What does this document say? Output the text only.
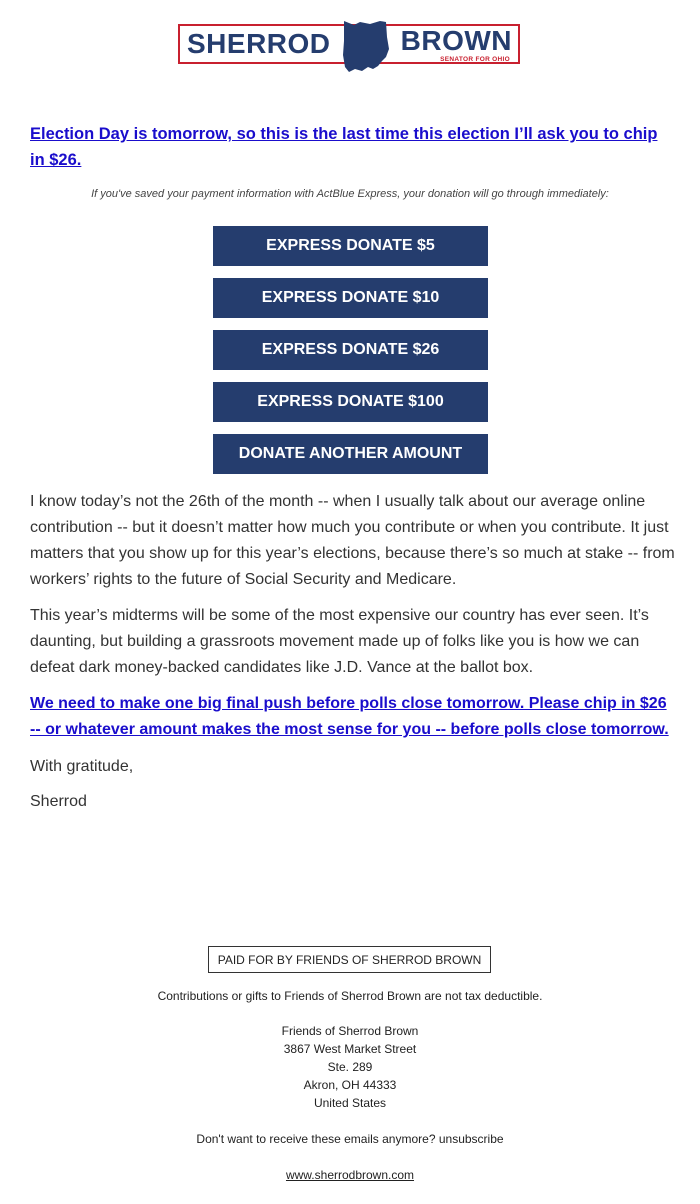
SHERROD	BROWN
SENATOR FOR OHIO
Election Day is tomorrow, so this is the last time this election I’ll ask you to chip in $26.
If you've saved your payment information with ActBlue Express, your donation will go through immediately:
EXPRESS DONATE $5
EXPRESS DONATE $10
EXPRESS DONATE $26
EXPRESS DONATE $100
DONATE ANOTHER AMOUNT

I know today’s not the 26th of the month -- when I usually talk about our average online contribution -- but it doesn’t matter how much you contribute or when you contribute. It just matters that you show up for this year’s elections, because there’s so much at stake -- from workers’ rights to the future of Social Security and Medicare.

This year’s midterms will be some of the most expensive our country has ever seen. It’s daunting, but building a grassroots movement made up of folks like you is how we can defeat dark money-backed candidates like J.D. Vance at the ballot box.

We need to make one big final push before polls close tomorrow. Please chip in $26 -- or whatever amount makes the most sense for you -- before polls close tomorrow.

With gratitude,

Sherrod

PAID FOR BY FRIENDS OF SHERROD BROWN
Contributions or gifts to Friends of Sherrod Brown are not tax deductible.
Friends of Sherrod Brown
3867 West Market Street
Ste. 289
Akron, OH 44333
United States
Don't want to receive these emails anymore? unsubscribe
www.sherrodbrown.com
